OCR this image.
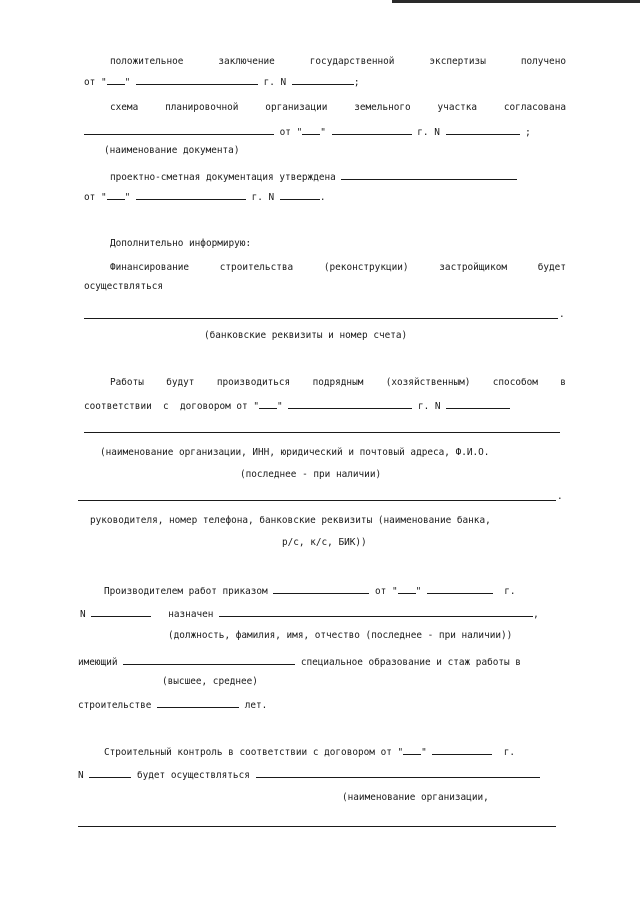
положительное	заключение	государственной	экспертизы	получено
от " "	г. N	;
схема	планировочной	организации	земельного	участка	согласована
от " "	г. N	;
(наименование документа)
проектно-сметная документация утверждена
от " "	г. N	.
Дополнительно информирую:
Финансирование	строительства	(реконструкции)	застройщиком	будет
осуществляться
.
(банковские реквизиты и номер счета)
Работы будут производиться подрядным (хозяйственным) способом в
соответствии  с  договором от " "	г. N
(наименование организации, ИНН, юридический и почтовый адреса, Ф.И.О.
(последнее - при наличии)
.
руководителя, номер телефона, банковские реквизиты (наименование банка,
р/с, к/с, БИК))
Производителем работ приказом	от " "	г.
N	назначен	,
(должность, фамилия, имя, отчество (последнее - при наличии))
имеющий	специальное образование и стаж работы в
(высшее, среднее)
строительстве	лет.
Строительный контроль в соответствии с договором от " "	г.
N	будет осуществляться
(наименование организации,
